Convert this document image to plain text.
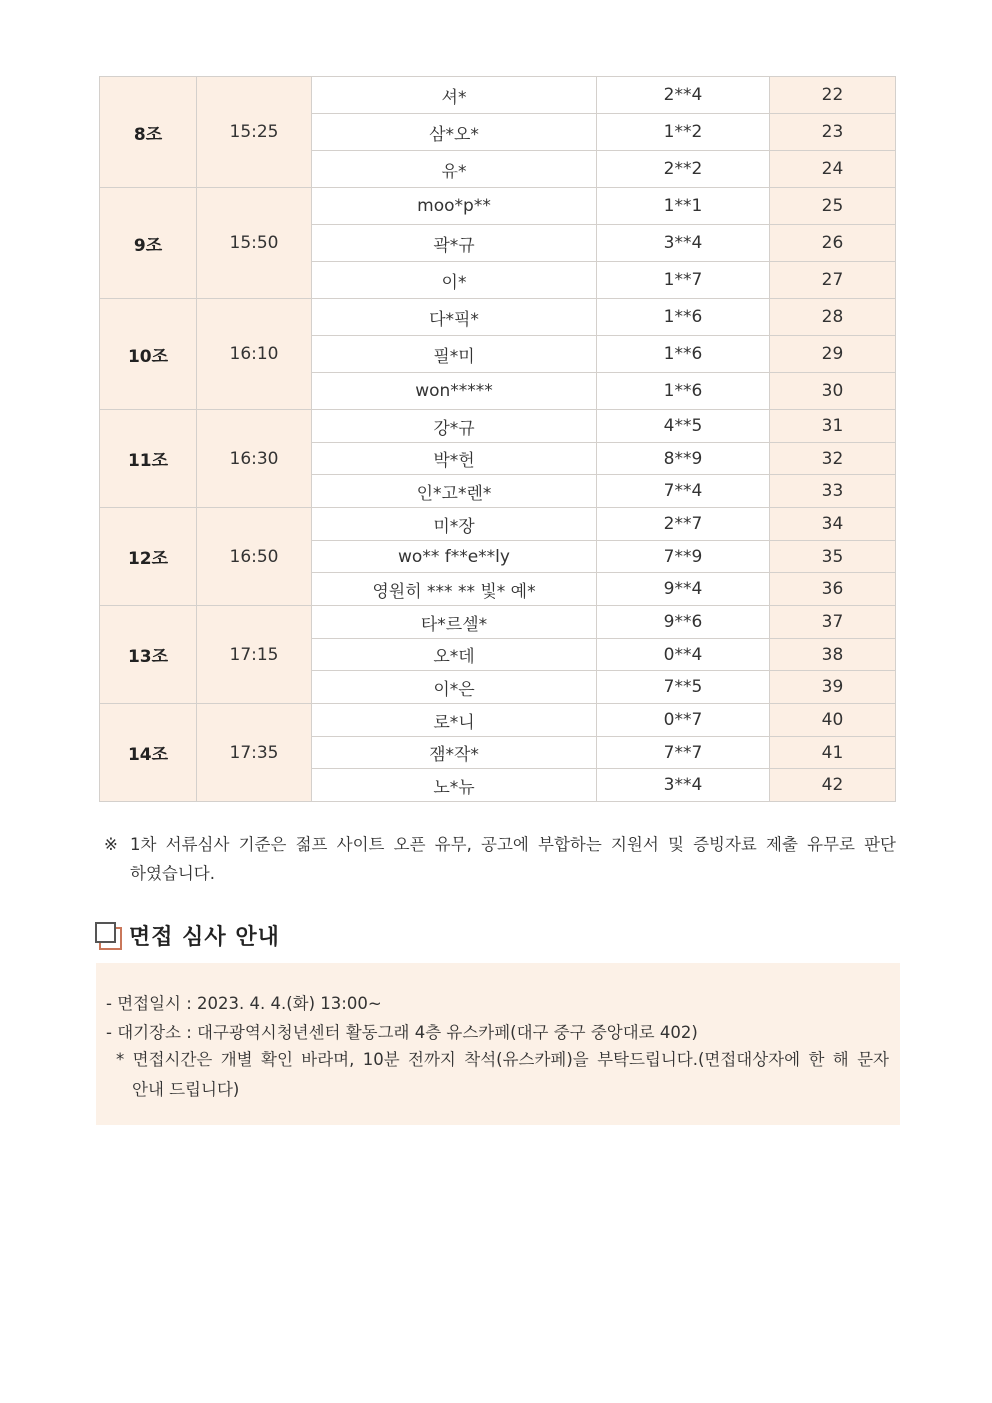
8조	15:25	셔*	2**4	22
		삼*오*	1**2	23
		유*	2**2	24
9조	15:50	moo*p**	1**1	25
		곽*규	3**4	26
		이*	1**7	27
10조	16:10	다*픽*	1**6	28
		필*미	1**6	29
		won*****	1**6	30
11조	16:30	강*규	4**5	31
		박*헌	8**9	32
		인*고*렌*	7**4	33
12조	16:50	미*장	2**7	34
		wo** f**e**ly	7**9	35
		영원히 *** ** 빛* 예*	9**4	36
13조	17:15	타*르셀*	9**6	37
		오*데	0**4	38
		이*은	7**5	39
14조	17:35	로*니	0**7	40
		잼*작*	7**7	41
		노*뉴	3**4	42
※ 1차 서류심사 기준은 젊프 사이트 오픈 유무, 공고에 부합하는 지원서 및 증빙자료 제출 유무로 판단
하였습니다.
면접 심사 안내
- 면접일시 : 2023. 4. 4.(화) 13:00~
- 대기장소 : 대구광역시청년센터 활동그래 4층 유스카페(대구 중구 중앙대로 402)
* 면접시간은 개별 확인 바라며, 10분 전까지 착석(유스카페)을 부탁드립니다.(면접대상자에 한 해 문자
안내 드립니다)
